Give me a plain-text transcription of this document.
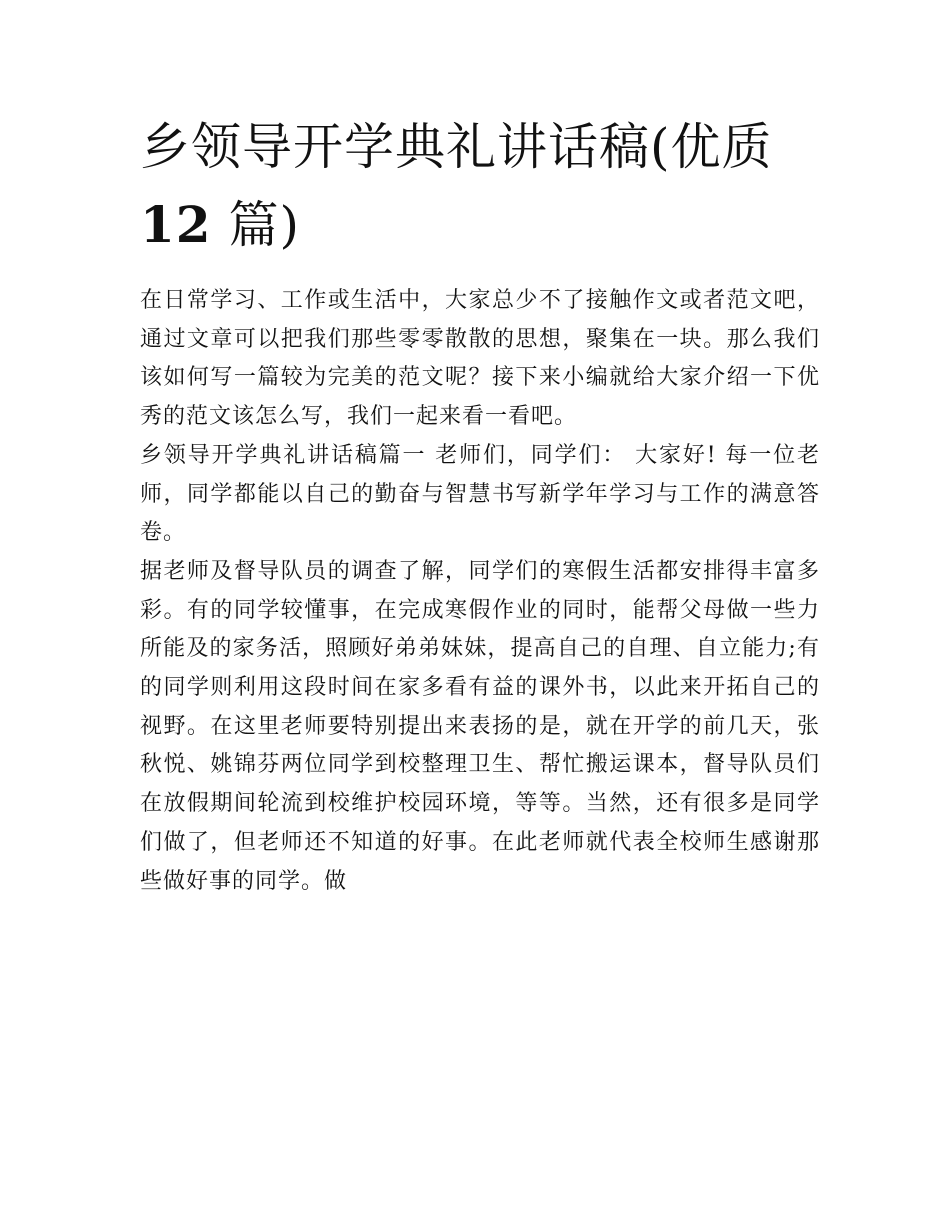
乡领导开学典礼讲话稿(优质
12 篇)

在日常学习、工作或生活中，大家总少不了接触作文或者范文吧，通过文章可以把我们那些零零散散的思想，聚集在一块。那么我们该如何写一篇较为完美的范文呢？接下来小编就给大家介绍一下优秀的范文该怎么写，我们一起来看一看吧。

乡领导开学典礼讲话稿篇一 老师们，同学们： 大家好! 每一位老师，同学都能以自己的勤奋与智慧书写新学年学习与工作的满意答卷。

据老师及督导队员的调查了解，同学们的寒假生活都安排得丰富多彩。有的同学较懂事，在完成寒假作业的同时，能帮父母做一些力所能及的家务活，照顾好弟弟妹妹，提高自己的自理、自立能力;有的同学则利用这段时间在家多看有益的课外书，以此来开拓自己的视野。在这里老师要特别提出来表扬的是，就在开学的前几天，张秋悦、姚锦芬两位同学到校整理卫生、帮忙搬运课本，督导队员们在放假期间轮流到校维护校园环境，等等。当然，还有很多是同学们做了，但老师还不知道的好事。在此老师就代表全校师生感谢那些做好事的同学。做
